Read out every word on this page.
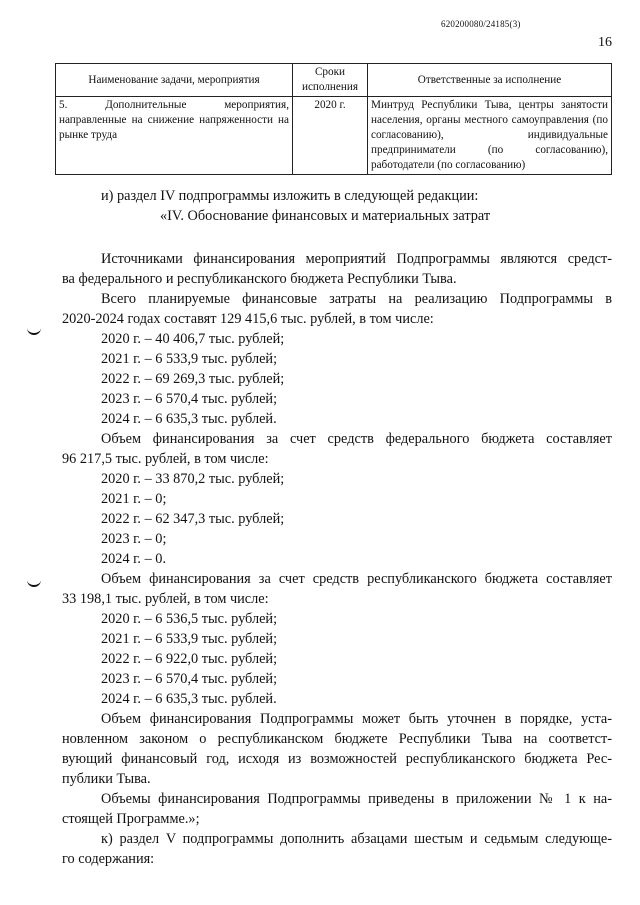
620200080/24185(3)
16
Наименование задачи, мероприятия	Сроки исполнения	Ответственные за исполнение
5. Дополнительные мероприятия, направленные на снижение напряженности на рынке труда	2020 г.	Минтруд Республики Тыва, центры занятости населения, органы местного самоуправления (по согласованию), индивидуальные предприниматели (по согласованию), работодатели (по согласованию)
и) раздел IV подпрограммы изложить в следующей редакции:
«IV. Обоснование финансовых и материальных затрат
Источниками финансирования мероприятий Подпрограммы являются средст-
ва федерального и республиканского бюджета Республики Тыва.
Всего планируемые финансовые затраты на реализацию Подпрограммы в
2020-2024 годах составят 129 415,6 тыс. рублей, в том числе:
2020 г. – 40 406,7 тыс. рублей;
2021 г. – 6 533,9 тыс. рублей;
2022 г. – 69 269,3 тыс. рублей;
2023 г. – 6 570,4 тыс. рублей;
2024 г. – 6 635,3 тыс. рублей.
Объем финансирования за счет средств федерального бюджета составляет
96 217,5 тыс. рублей, в том числе:
2020 г. – 33 870,2 тыс. рублей;
2021 г. – 0;
2022 г. – 62 347,3 тыс. рублей;
2023 г. – 0;
2024 г. – 0.
Объем финансирования за счет средств республиканского бюджета составляет
33 198,1 тыс. рублей, в том числе:
2020 г. – 6 536,5 тыс. рублей;
2021 г. – 6 533,9 тыс. рублей;
2022 г. – 6 922,0 тыс. рублей;
2023 г. – 6 570,4 тыс. рублей;
2024 г. – 6 635,3 тыс. рублей.
Объем финансирования Подпрограммы может быть уточнен в порядке, уста-
новленном законом о республиканском бюджете Республики Тыва на соответст-
вующий финансовый год, исходя из возможностей республиканского бюджета Рес-
публики Тыва.
Объемы финансирования Подпрограммы приведены в приложении № 1 к на-
стоящей Программе.»;
к) раздел V подпрограммы дополнить абзацами шестым и седьмым следующе-
го содержания:
